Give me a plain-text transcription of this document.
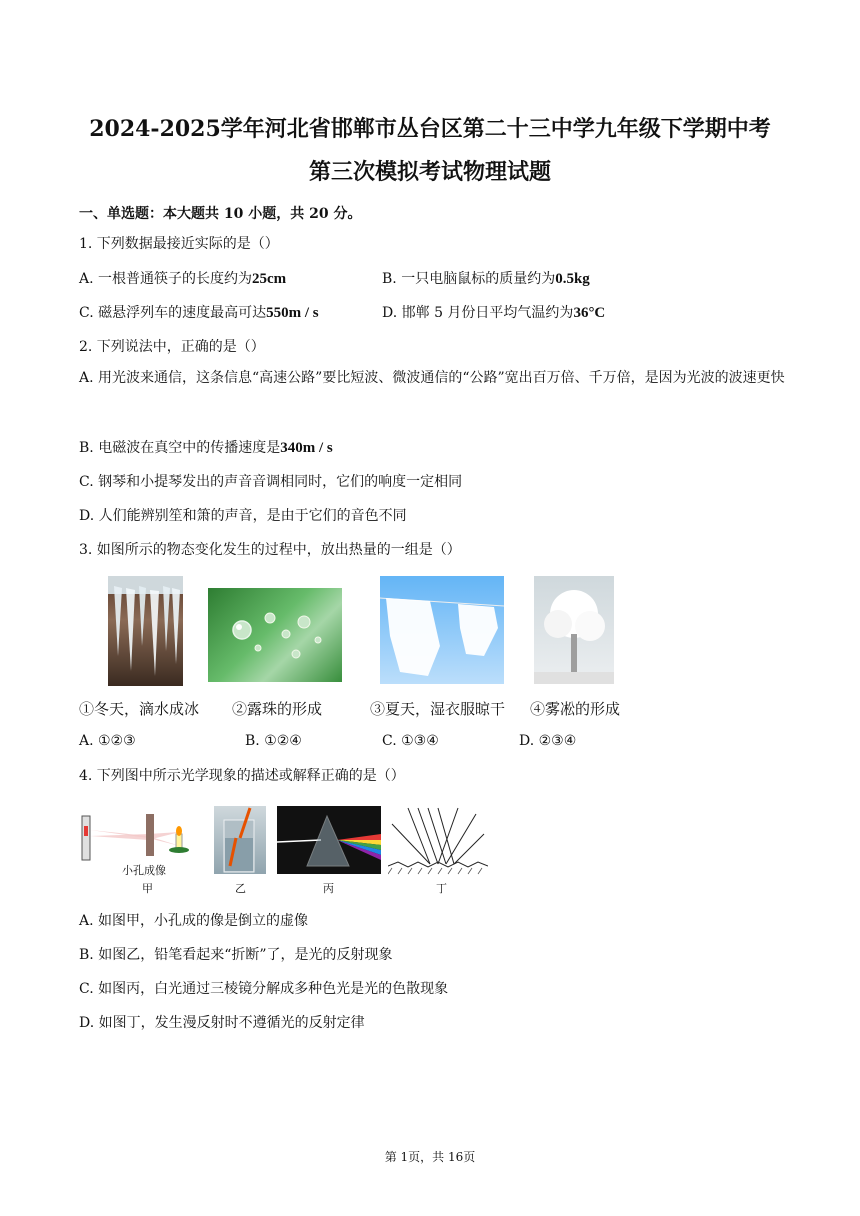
2024-2025学年河北省邯郸市丛台区第二十三中学九年级下学期中考
第三次模拟考试物理试题
一、单选题：本大题共 10 小题，共 20 分。
1. 下列数据最接近实际的是（）
A. 一根普通筷子的长度约为25cm	B. 一只电脑鼠标的质量约为0.5kg
C. 磁悬浮列车的速度最高可达550m / s	D. 邯郸 5 月份日平均气温约为36°C
2. 下列说法中，正确的是（）
A. 用光波来通信，这条信息“高速公路”要比短波、微波通信的“公路”宽出百万倍、千万倍，是因为光波的波速更快
B. 电磁波在真空中的传播速度是340m / s
C. 钢琴和小提琴发出的声音音调相同时，它们的响度一定相同
D. 人们能辨别笙和箫的声音，是由于它们的音色不同
3. 如图所示的物态变化发生的过程中，放出热量的一组是（）
①冬天，滴水成冰 ②露珠的形成	③夏天，湿衣服晾干 ④雾凇的形成
A. ①②③	B. ①②④	C. ①③④	D. ②③④
4. 下列图中所示光学现象的描述或解释正确的是（）
小孔成像
甲	乙	丙	丁
A. 如图甲，小孔成的像是倒立的虚像
B. 如图乙，铅笔看起来“折断”了，是光的反射现象
C. 如图丙，白光通过三棱镜分解成多种色光是光的色散现象
D. 如图丁，发生漫反射时不遵循光的反射定律
第 1页，共 16页
